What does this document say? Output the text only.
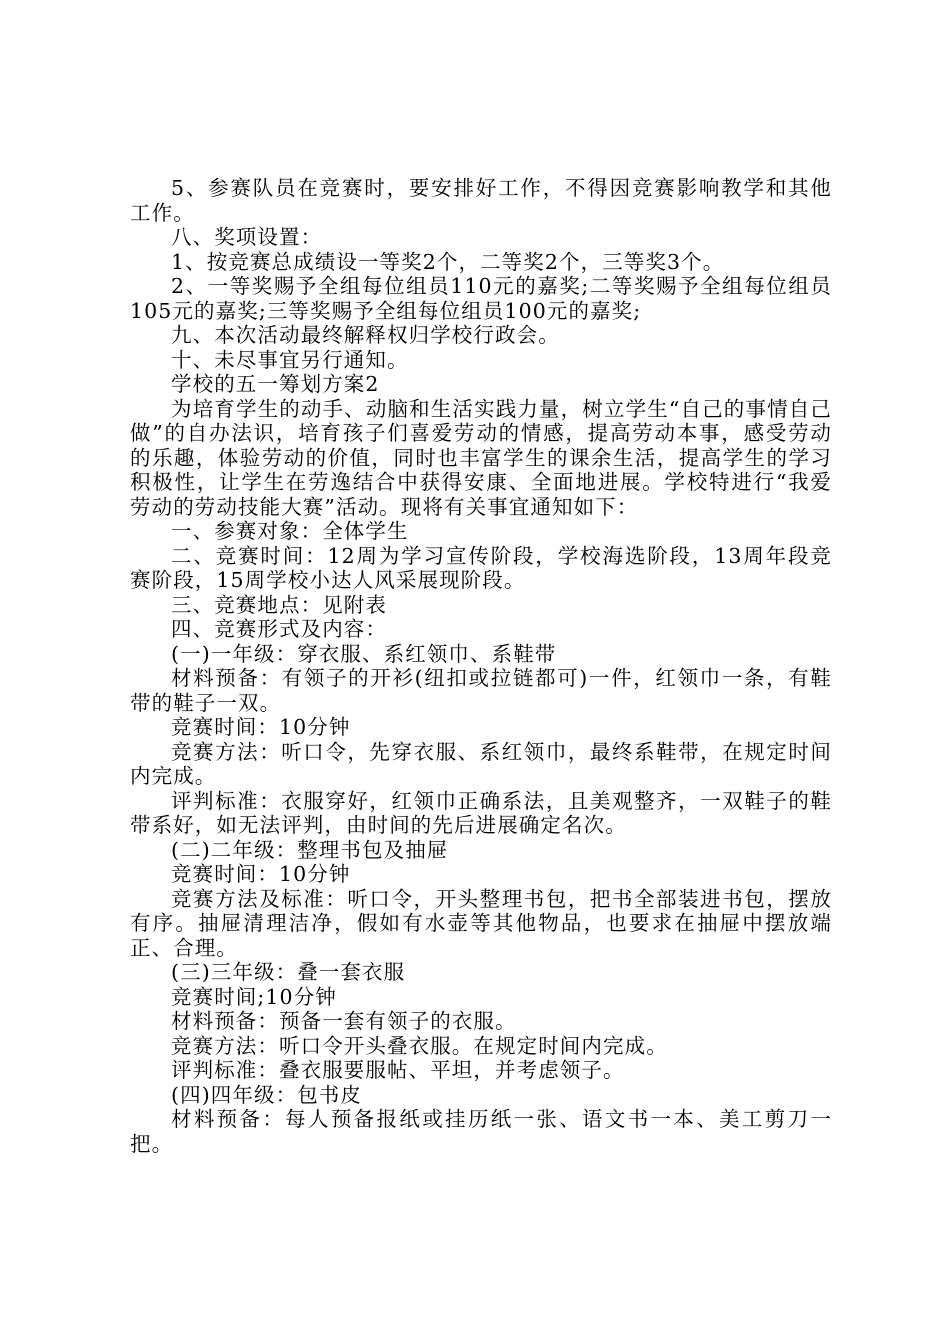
5、参赛队员在竞赛时，要安排好工作，不得因竞赛影响教学和其他工作。

八、奖项设置：

1、按竞赛总成绩设一等奖2个，二等奖2个，三等奖3个。

2、一等奖赐予全组每位组员110元的嘉奖;二等奖赐予全组每位组员105元的嘉奖;三等奖赐予全组每位组员100元的嘉奖;

九、本次活动最终解释权归学校行政会。

十、未尽事宜另行通知。

学校的五一筹划方案2

为培育学生的动手、动脑和生活实践力量，树立学生“自己的事情自己做”的自办法识，培育孩子们喜爱劳动的情感，提高劳动本事，感受劳动的乐趣，体验劳动的价值，同时也丰富学生的课余生活，提高学生的学习积极性，让学生在劳逸结合中获得安康、全面地进展。学校特进行“我爱劳动的劳动技能大赛”活动。现将有关事宜通知如下：

一、参赛对象：全体学生

二、竞赛时间：12周为学习宣传阶段，学校海选阶段，13周年段竞赛阶段，15周学校小达人风采展现阶段。

三、竞赛地点：见附表

四、竞赛形式及内容：

(一)一年级：穿衣服、系红领巾、系鞋带

材料预备：有领子的开衫(纽扣或拉链都可)一件，红领巾一条，有鞋带的鞋子一双。

竞赛时间：10分钟

竞赛方法：听口令，先穿衣服、系红领巾，最终系鞋带，在规定时间内完成。

评判标准：衣服穿好，红领巾正确系法，且美观整齐，一双鞋子的鞋带系好，如无法评判，由时间的先后进展确定名次。

(二)二年级：整理书包及抽屉

竞赛时间：10分钟

竞赛方法及标准：听口令，开头整理书包，把书全部装进书包，摆放有序。抽屉清理洁净，假如有水壶等其他物品，也要求在抽屉中摆放端正、合理。

(三)三年级：叠一套衣服

竞赛时间;10分钟

材料预备：预备一套有领子的衣服。

竞赛方法：听口令开头叠衣服。在规定时间内完成。

评判标准：叠衣服要服帖、平坦，并考虑领子。

(四)四年级：包书皮

材料预备：每人预备报纸或挂历纸一张、语文书一本、美工剪刀一把。
